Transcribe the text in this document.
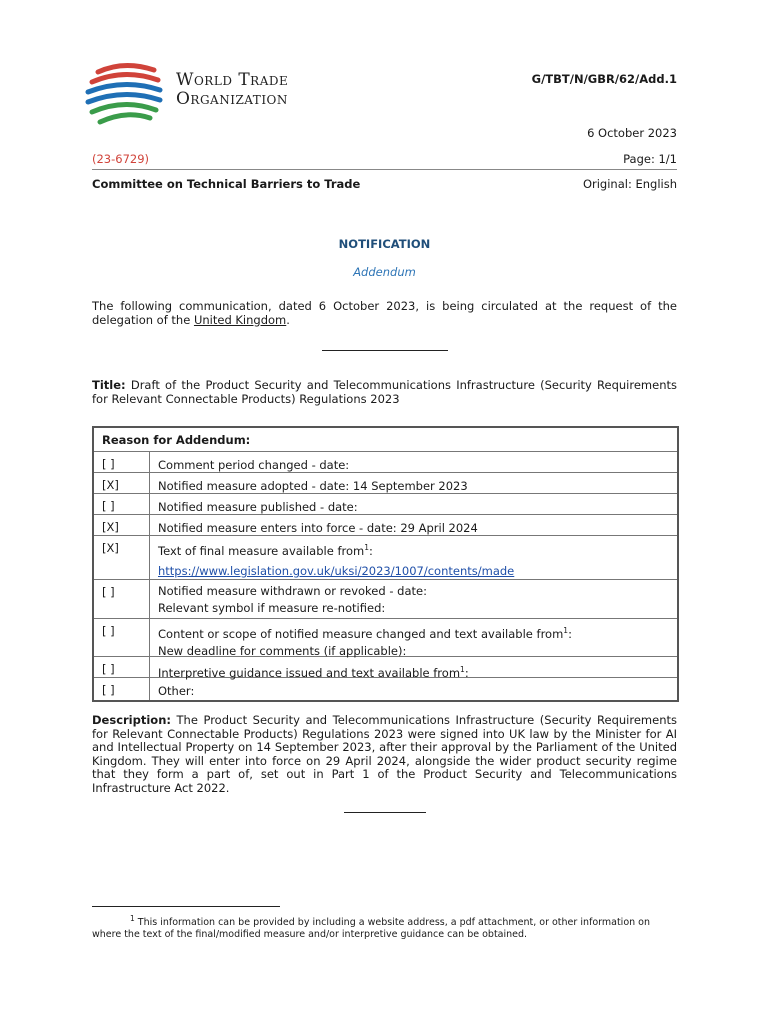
World Trade
Organization
G/TBT/N/GBR/62/Add.1
6 October 2023
(23-6729)	Page: 1/1
Committee on Technical Barriers to Trade	Original: English
NOTIFICATION
Addendum
The following communication, dated 6 October 2023, is being circulated at the request of the delegation of the United Kingdom.
Title: Draft of the Product Security and Telecommunications Infrastructure (Security Requirements for Relevant Connectable Products) Regulations 2023
Reason for Addendum:
[ ]	Comment period changed - date:
[X]	Notified measure adopted - date: 14 September 2023
[ ]	Notified measure published - date:
[X]	Notified measure enters into force - date: 29 April 2024
[X]	Text of final measure available from$^1$:
https://www.legislation.gov.uk/uksi/2023/1007/contents/made
[ ]	Notified measure withdrawn or revoked - date:
Relevant symbol if measure re-notified:
[ ]	Content or scope of notified measure changed and text available from$^1$:
New deadline for comments (if applicable):
[ ]	Interpretive guidance issued and text available from$^1$:
[ ]	Other:
Description: The Product Security and Telecommunications Infrastructure (Security Requirements for Relevant Connectable Products) Regulations 2023 were signed into UK law by the Minister for AI and Intellectual Property on 14 September 2023, after their approval by the Parliament of the United Kingdom. They will enter into force on 29 April 2024, alongside the wider product security regime that they form a part of, set out in Part 1 of the Product Security and Telecommunications Infrastructure Act 2022.
$^1$ This information can be provided by including a website address, a pdf attachment, or other information on where the text of the final/modified measure and/or interpretive guidance can be obtained.
